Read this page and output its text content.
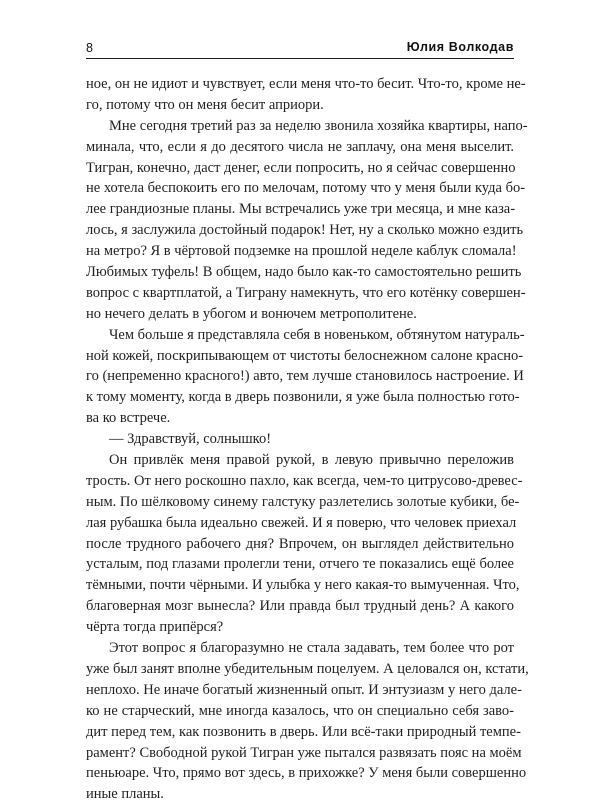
8	Юлия Волкодав
ное, он не идиот и чувствует, если меня что-то бесит. Что-то, кроме не-
го, потому что он меня бесит априори.
Мне сегодня третий раз за неделю звонила хозяйка квартиры, напо-
минала, что, если я до десятого числа не заплачу, она меня выселит.
Тигран, конечно, даст денег, если попросить, но я сейчас совершенно
не хотела беспокоить его по мелочам, потому что у меня были куда бо-
лее грандиозные планы. Мы встречались уже три месяца, и мне каза-
лось, я заслужила достойный подарок! Нет, ну а сколько можно ездить
на метро? Я в чёртовой подземке на прошлой неделе каблук сломала!
Любимых туфель! В общем, надо было как-то самостоятельно решить
вопрос с квартплатой, а Тиграну намекнуть, что его котёнку совершен-
но нечего делать в убогом и вонючем метрополитене.
Чем больше я представляла себя в новеньком, обтянутом натураль-
ной кожей, поскрипывающем от чистоты белоснежном салоне красно-
го (непременно красного!) авто, тем лучше становилось настроение. И
к тому моменту, когда в дверь позвонили, я уже была полностью гото-
ва ко встрече.
— Здравствуй, солнышко!
Он привлёк меня правой рукой, в левую привычно переложив
трость. От него роскошно пахло, как всегда, чем-то цитрусово-древес-
ным. По шёлковому синему галстуку разлетелись золотые кубики, бе-
лая рубашка была идеально свежей. И я поверю, что человек приехал
после трудного рабочего дня? Впрочем, он выглядел действительно
усталым, под глазами пролегли тени, отчего те показались ещё более
тёмными, почти чёрными. И улыбка у него какая-то вымученная. Что,
благоверная мозг вынесла? Или правда был трудный день? А какого
чёрта тогда припёрся?
Этот вопрос я благоразумно не стала задавать, тем более что рот
уже был занят вполне убедительным поцелуем. А целовался он, кстати,
неплохо. Не иначе богатый жизненный опыт. И энтузиазм у него дале-
ко не старческий, мне иногда казалось, что он специально себя заво-
дит перед тем, как позвонить в дверь. Или всё-таки природный темпе-
рамент? Свободной рукой Тигран уже пытался развязать пояс на моём
пеньюаре. Что, прямо вот здесь, в прихожке? У меня были совершенно
иные планы.
